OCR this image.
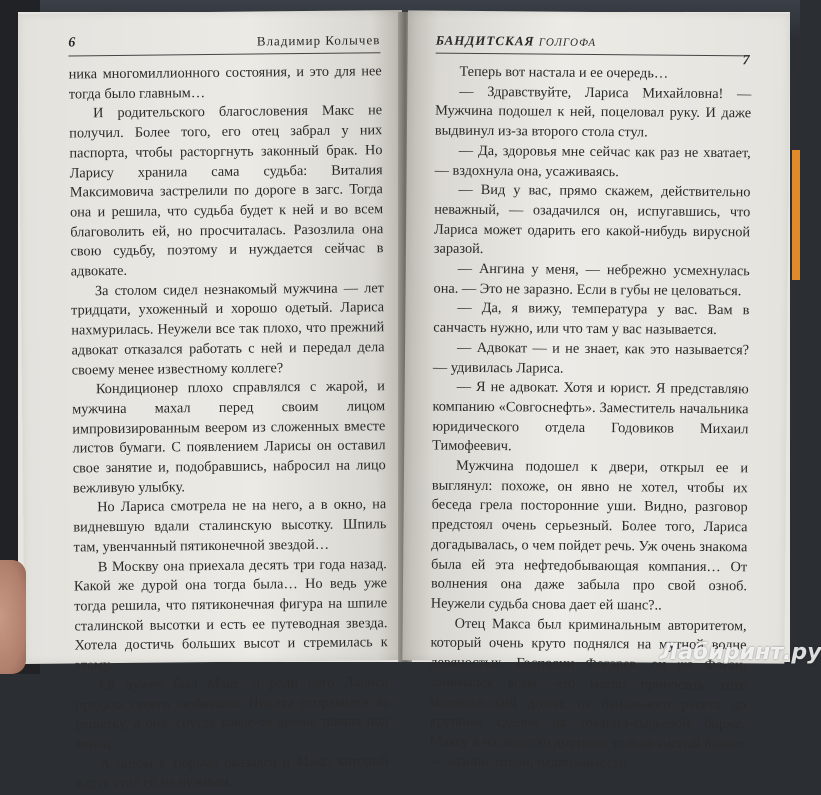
6	Владимир Колычев

ника многомиллионного состояния, и это для нее тогда было главным…

И родительского благословения Макс не получил. Более того, его отец забрал у них паспорта, чтобы расторгнуть законный брак. Но Ларису хранила сама судьба: Виталия Максимовича застрелили по дороге в загс. Тогда она и решила, что судьба будет к ней и во всем благоволить ей, но просчиталась. Разозлила она свою судьбу, поэтому и нуждается сейчас в адвокате.

За столом сидел незнакомый мужчина — лет тридцати, ухоженный и хорошо одетый. Лариса нахмурилась. Неужели все так плохо, что прежний адвокат отказался работать с ней и передал дела своему менее известному коллеге?

Кондиционер плохо справлялся с жарой, и мужчина махал перед своим лицом импровизированным веером из сложенных вместе листов бумаги. С появлением Ларисы он оставил свое занятие и, подобравшись, набросил на лицо вежливую улыбку.

Но Лариса смотрела не на него, а в окно, на видневшую вдали сталинскую высотку. Шпиль там, увенчанный пятиконечной звездой…

В Москву она приехала десять три года назад. Какой же дурой она тогда была… Но ведь уже тогда решила, что пятиконечная фигура на шпиле сталинской высотки и есть ее путеводная звезда. Хотела достичь больших высот и стремилась к этому.

Ей нужен был Макс, и ради него Лариса предала своего любимого. Никита отправился за решетку, а она, спустя какое-то время, пошла под венец.

А потом в тюрьме оказался и Макс, который вдруг стал ей не нужным.

БАНДИТСКАЯ ГОЛГОФА
7

Теперь вот настала и ее очередь…

— Здравствуйте, Лариса Михайловна! — Мужчина подошел к ней, поцеловал руку. И даже выдвинул из-за второго стола стул.

— Да, здоровья мне сейчас как раз не хватает, — вздохнула она, усаживаясь.

— Вид у вас, прямо скажем, действительно неважный, — озадачился он, испугавшись, что Лариса может одарить его какой-нибудь вирусной заразой.

— Ангина у меня, — небрежно усмехнулась она. — Это не заразно. Если в губы не целоваться.

— Да, я вижу, температура у вас. Вам в санчасть нужно, или что там у вас называется.

— Адвокат — и не знает, как это называется? — удивилась Лариса.

— Я не адвокат. Хотя и юрист. Я представляю компанию «Совгоснефть». Заместитель начальника юридического отдела Годовиков Михаил Тимофеевич.

Мужчина подошел к двери, открыл ее и выглянул: похоже, он явно не хотел, чтобы их беседа грела посторонние уши. Видно, разговор предстоял очень серьезный. Более того, Лариса догадывалась, о чем пойдет речь. Уж очень знакома была ей эта нефтедобывающая компания… От волнения она даже забыла про свой озноб. Неужели судьба снова дает ей шанс?..

Отец Макса был криминальным авторитетом, который очень круто поднялся на мутной волне девяностых. Господин Фогарев, он же Фоган, занимался всем, что могло приносить хоть маломальский доход: от банального рэкета до крупных сделок на товарно-сырьевой бирже. Максу в наследство достался только чистый бизнес — казино, отели, недвижимость

Лабиринт.ру
